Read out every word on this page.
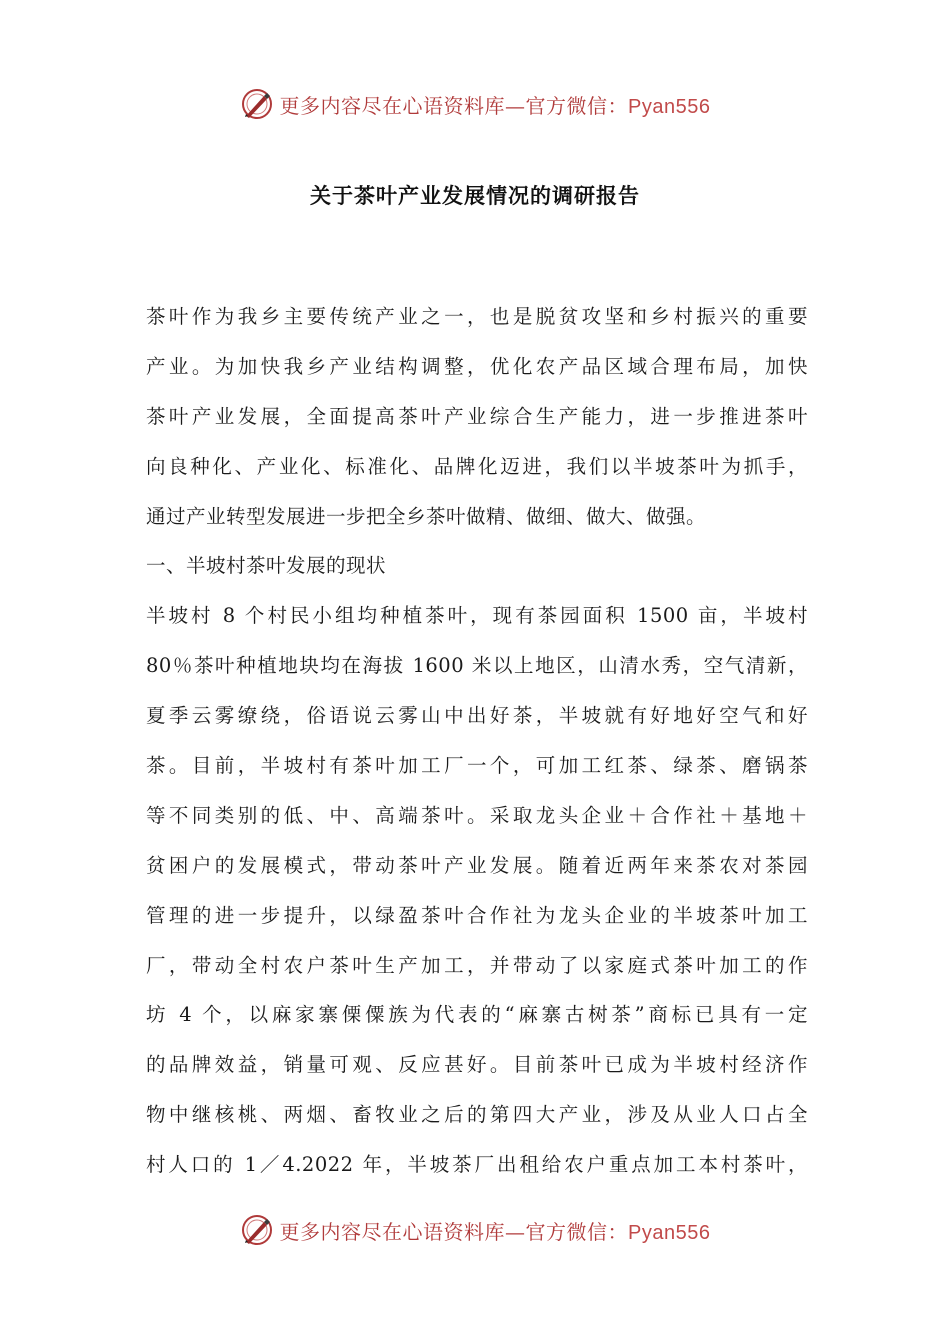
更多内容尽在心语资料库—官方微信：Pyan556
关于茶叶产业发展情况的调研报告
茶叶作为我乡主要传统产业之一，也是脱贫攻坚和乡村振兴的重要
产业。为加快我乡产业结构调整，优化农产品区域合理布局，加快
茶叶产业发展，全面提高茶叶产业综合生产能力，进一步推进茶叶
向良种化、产业化、标准化、品牌化迈进，我们以半坡茶叶为抓手，
通过产业转型发展进一步把全乡茶叶做精、做细、做大、做强。
一、半坡村茶叶发展的现状
半坡村 8 个村民小组均种植茶叶，现有茶园面积 1500 亩，半坡村
80％茶叶种植地块均在海拔 1600 米以上地区，山清水秀，空气清新，
夏季云雾缭绕，俗语说云雾山中出好茶，半坡就有好地好空气和好
茶。目前，半坡村有茶叶加工厂一个，可加工红茶、绿茶、磨锅茶
等不同类别的低、中、高端茶叶。采取龙头企业＋合作社＋基地＋
贫困户的发展模式，带动茶叶产业发展。随着近两年来茶农对茶园
管理的进一步提升，以绿盈茶叶合作社为龙头企业的半坡茶叶加工
厂，带动全村农户茶叶生产加工，并带动了以家庭式茶叶加工的作
坊 4 个，以麻家寨傈僳族为代表的“麻寨古树茶”商标已具有一定
的品牌效益，销量可观、反应甚好。目前茶叶已成为半坡村经济作
物中继核桃、两烟、畜牧业之后的第四大产业，涉及从业人口占全
村人口的 1／4.2022 年，半坡茶厂出租给农户重点加工本村茶叶，
更多内容尽在心语资料库—官方微信：Pyan556
